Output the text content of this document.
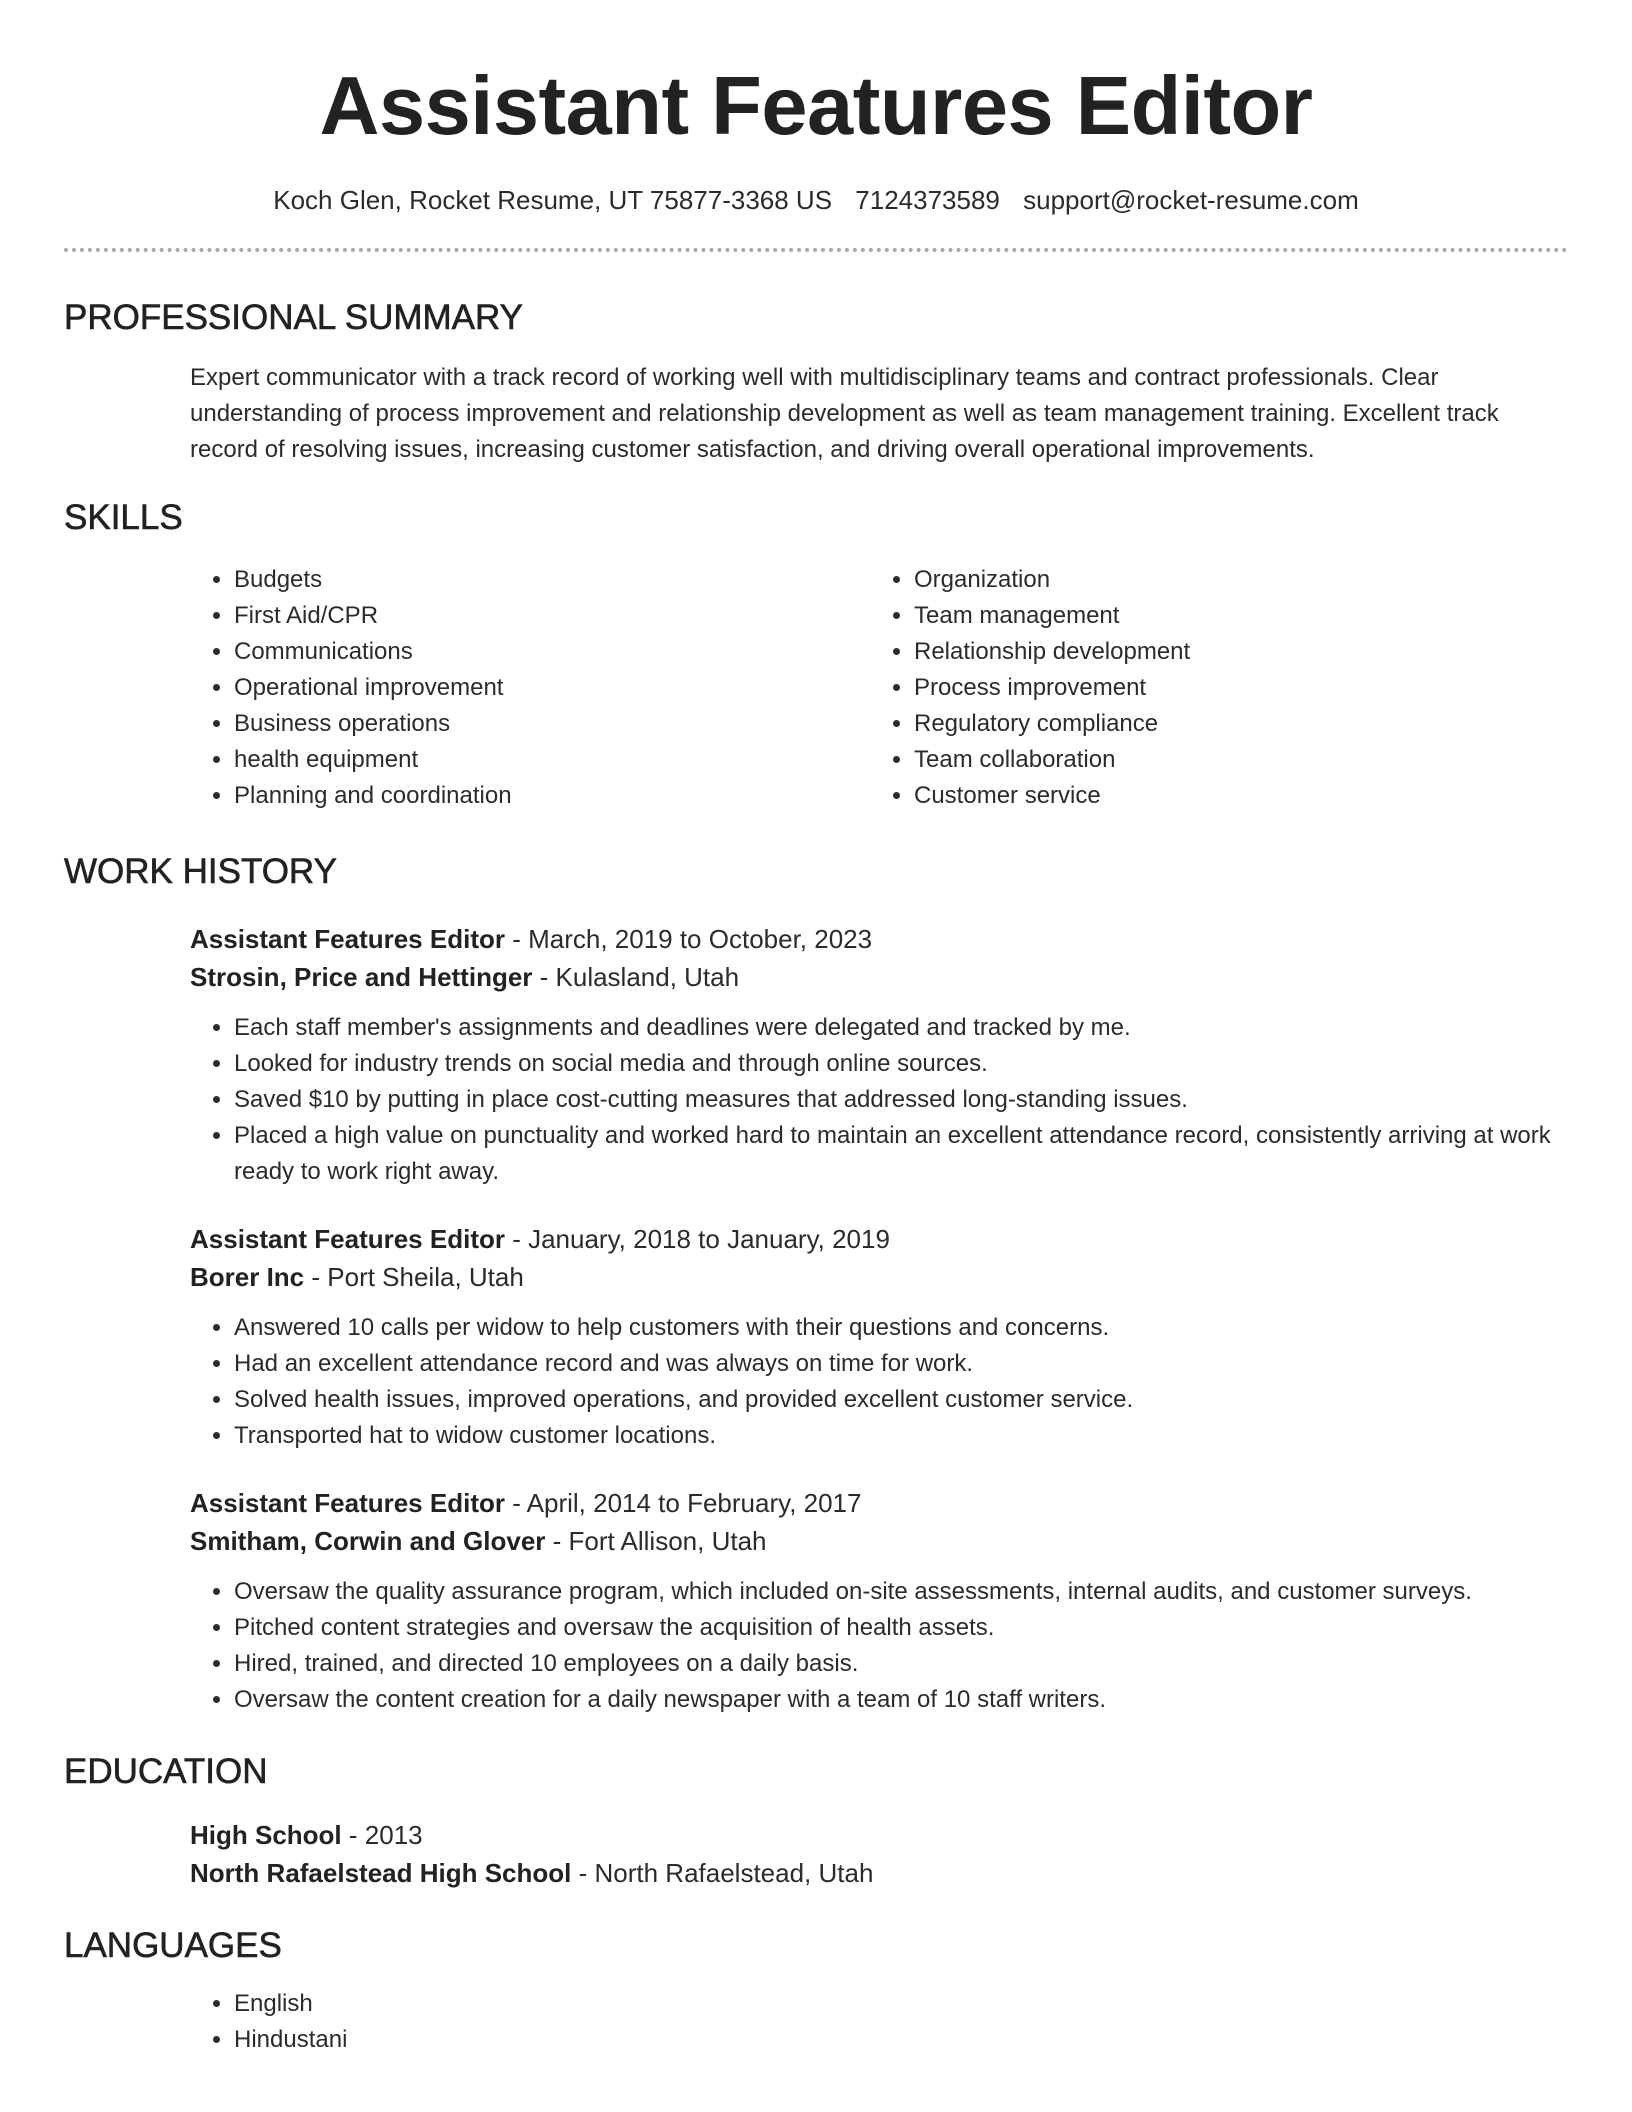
Assistant Features Editor
Koch Glen, Rocket Resume, UT 75877-3368 US 7124373589 support@rocket-resume.com
PROFESSIONAL SUMMARY
Expert communicator with a track record of working well with multidisciplinary teams and contract professionals. Clear understanding of process improvement and relationship development as well as team management training. Excellent track record of resolving issues, increasing customer satisfaction, and driving overall operational improvements.
SKILLS
• Budgets
• First Aid/CPR
• Communications
• Operational improvement
• Business operations
• health equipment
• Planning and coordination
• Organization
• Team management
• Relationship development
• Process improvement
• Regulatory compliance
• Team collaboration
• Customer service
WORK HISTORY
Assistant Features Editor - March, 2019 to October, 2023
Strosin, Price and Hettinger - Kulasland, Utah
• Each staff member's assignments and deadlines were delegated and tracked by me.
• Looked for industry trends on social media and through online sources.
• Saved $10 by putting in place cost-cutting measures that addressed long-standing issues.
• Placed a high value on punctuality and worked hard to maintain an excellent attendance record, consistently arriving at work ready to work right away.
Assistant Features Editor - January, 2018 to January, 2019
Borer Inc - Port Sheila, Utah
• Answered 10 calls per widow to help customers with their questions and concerns.
• Had an excellent attendance record and was always on time for work.
• Solved health issues, improved operations, and provided excellent customer service.
• Transported hat to widow customer locations.
Assistant Features Editor - April, 2014 to February, 2017
Smitham, Corwin and Glover - Fort Allison, Utah
• Oversaw the quality assurance program, which included on-site assessments, internal audits, and customer surveys.
• Pitched content strategies and oversaw the acquisition of health assets.
• Hired, trained, and directed 10 employees on a daily basis.
• Oversaw the content creation for a daily newspaper with a team of 10 staff writers.
EDUCATION
High School - 2013
North Rafaelstead High School - North Rafaelstead, Utah
LANGUAGES
• English
• Hindustani
